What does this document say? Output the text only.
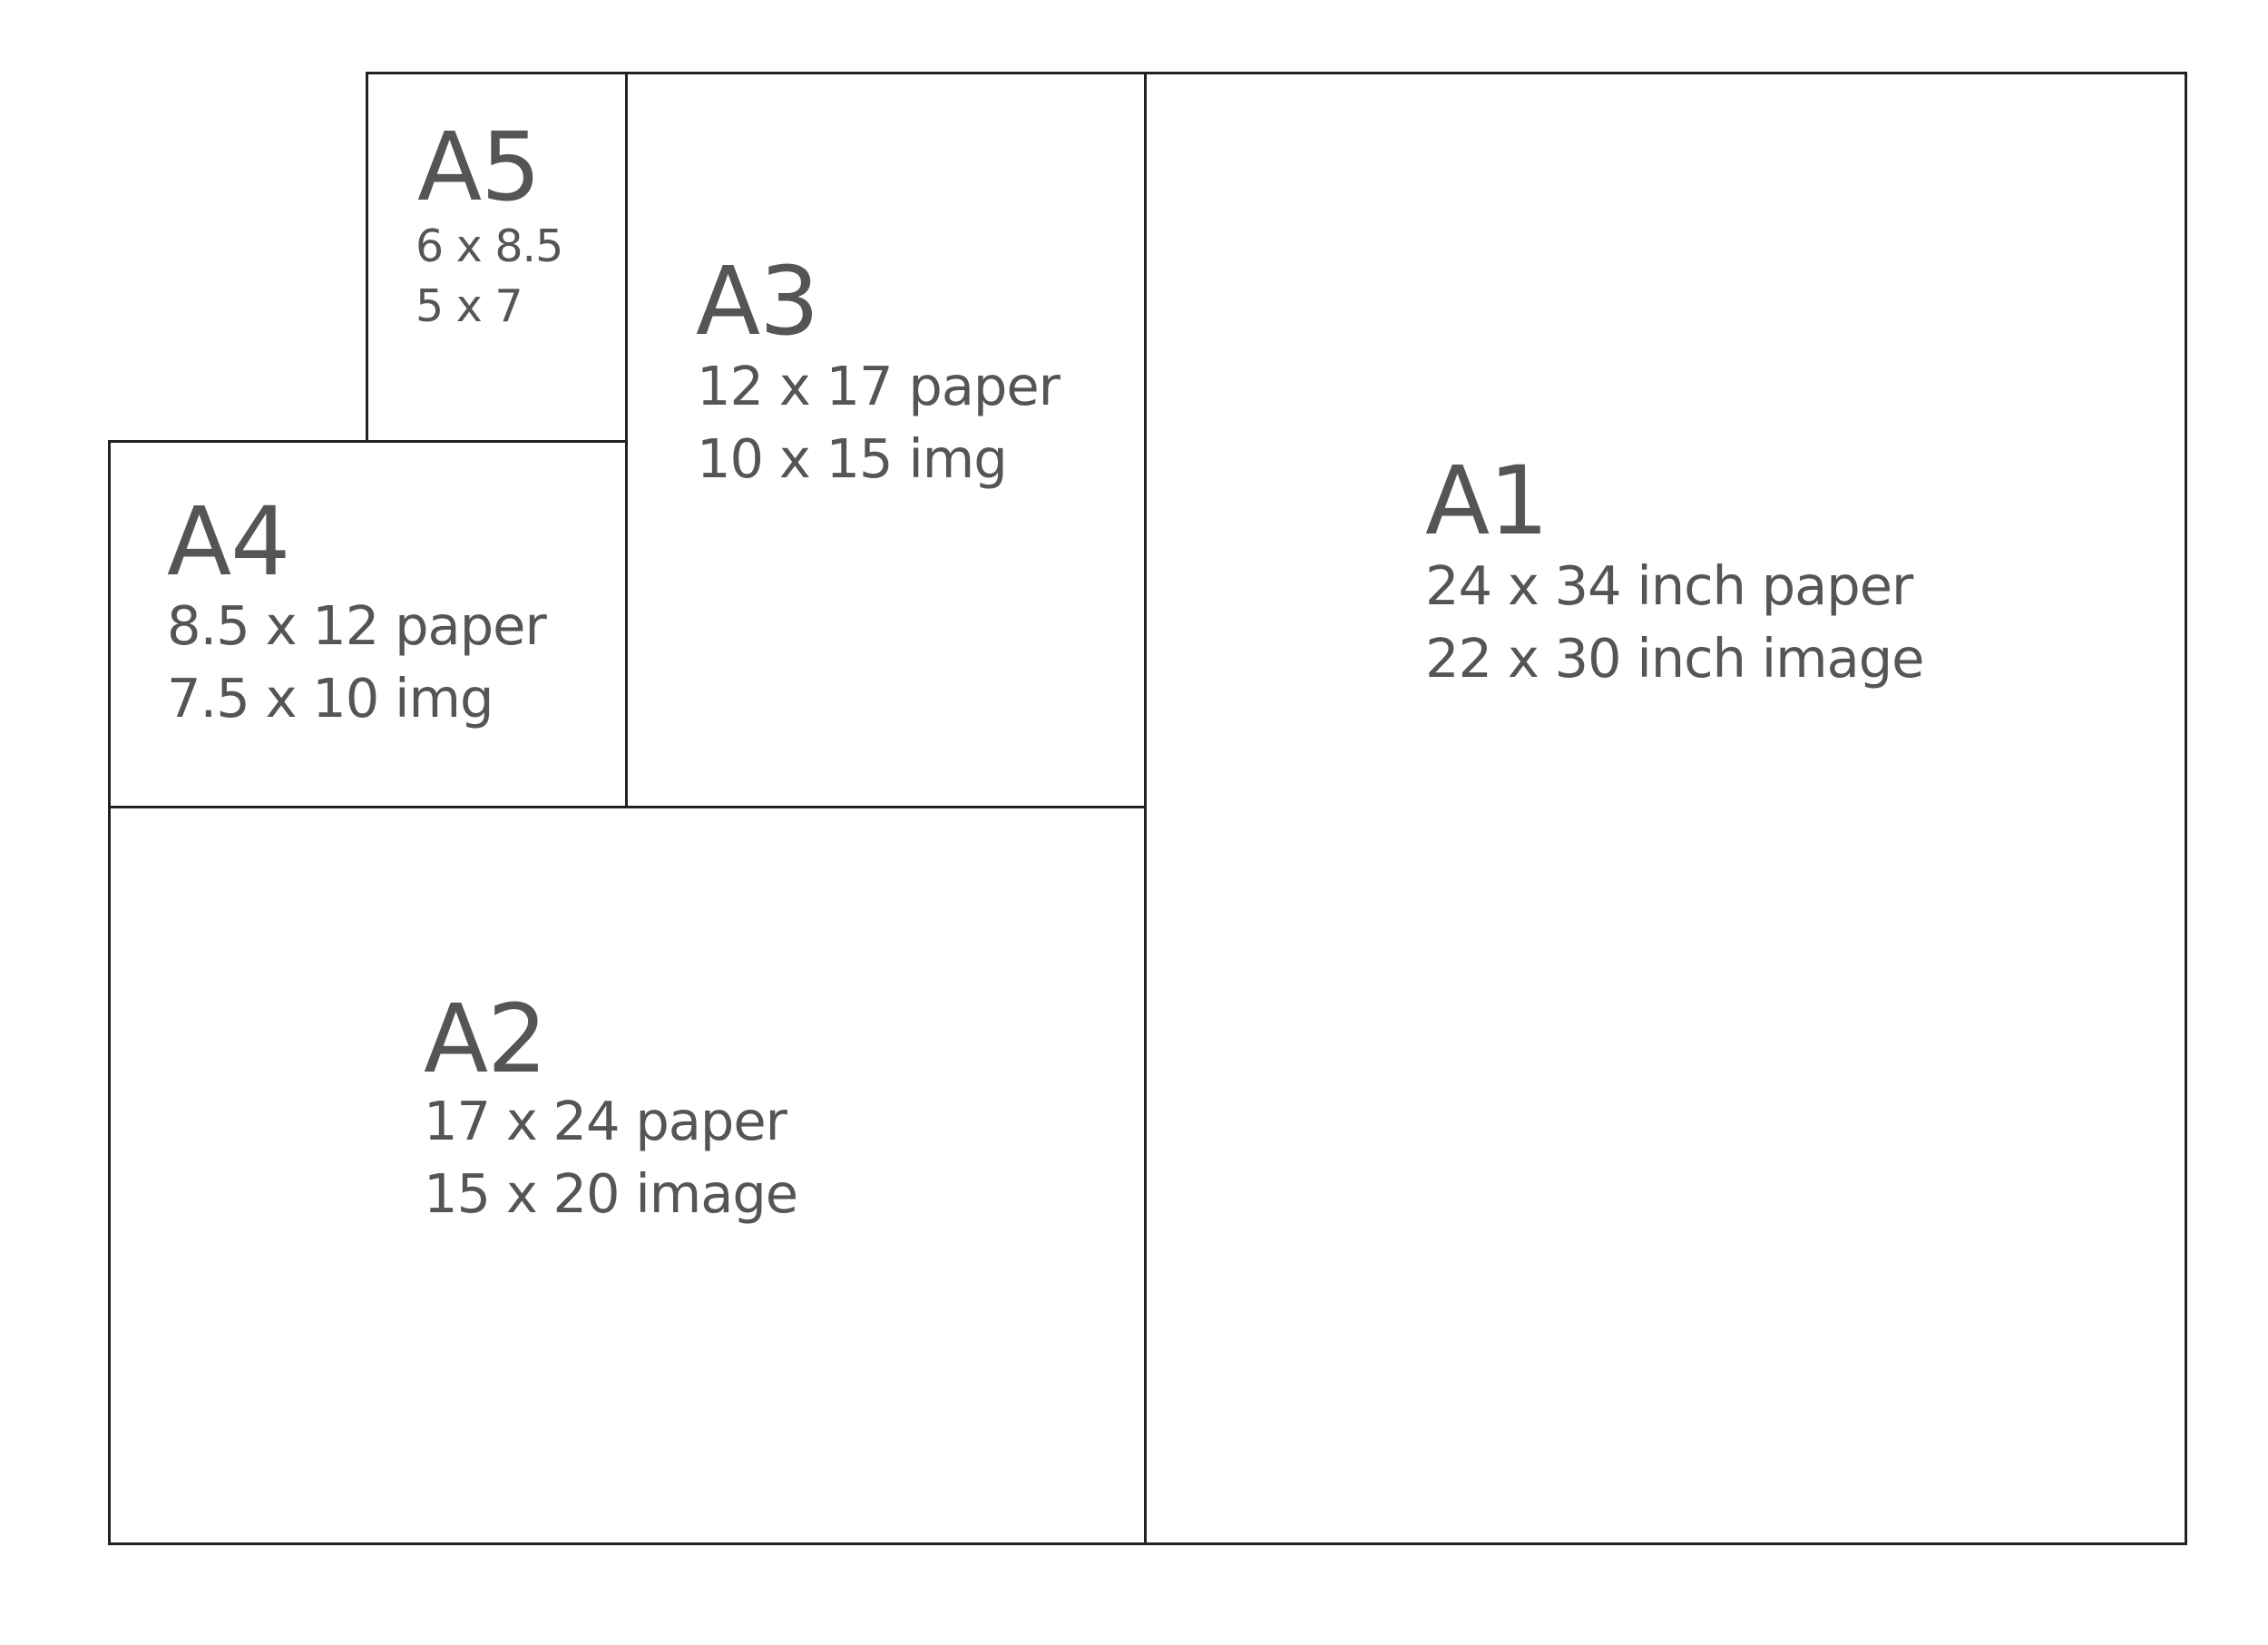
A5
6 x 8.5
5 x 7 A3
12 x 17 paper
10 x 15 img
A4
8.5 x 12 paper
7.5 x 10 img
A2
17 x 24 paper
15 x 20 image
A1
24 x 34 inch paper
22 x 30 inch image
